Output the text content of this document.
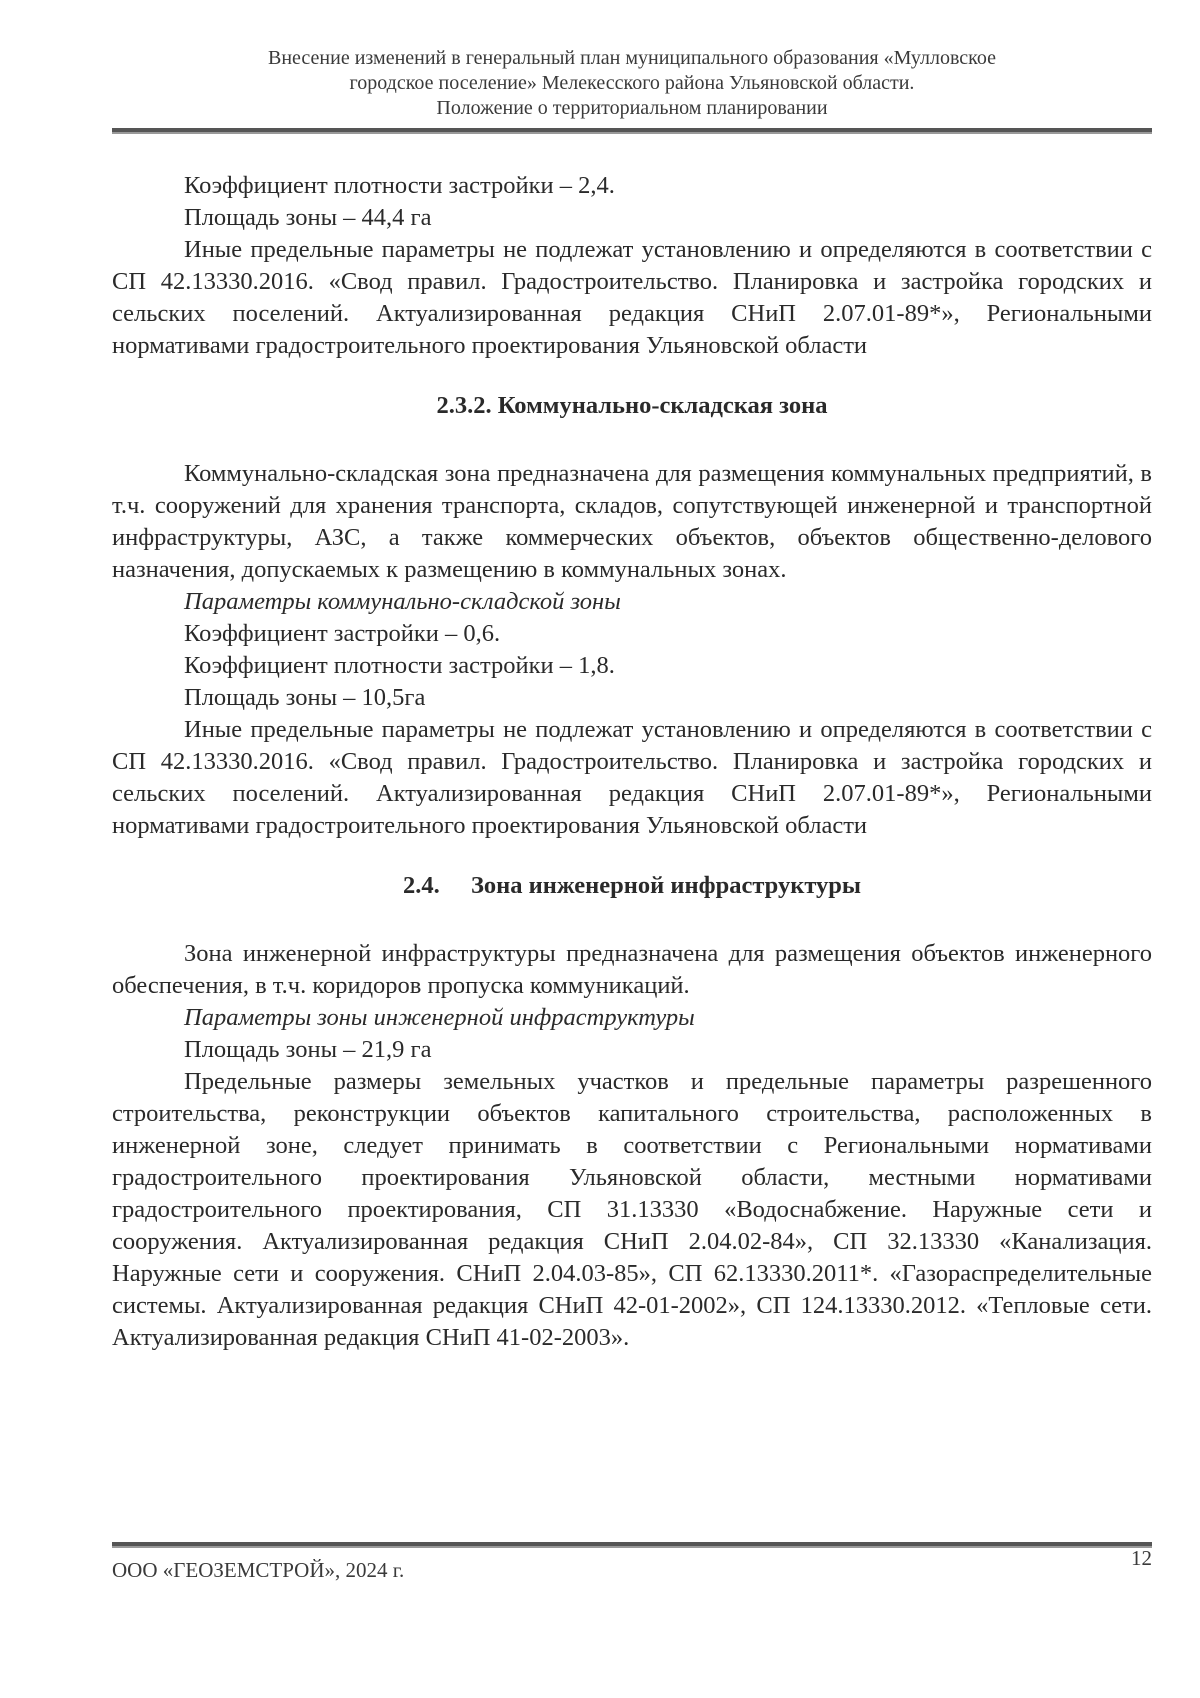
Внесение изменений в генеральный план муниципального образования «Мулловское
городское поселение» Мелекесского района Ульяновской области.
Положение о территориальном планировании

Коэффициент плотности застройки – 2,4.

Площадь зоны – 44,4 га

Иные предельные параметры не подлежат установлению и определяются в соответствии с СП 42.13330.2016. «Свод правил. Градостроительство. Планировка и застройка городских и сельских поселений. Актуализированная редакция СНиП 2.07.01-89*», Региональными нормативами градостроительного проектирования Ульяновской области

2.3.2. Коммунально-складская зона

Коммунально-складская зона предназначена для размещения коммунальных предприятий, в т.ч. сооружений для хранения транспорта, складов, сопутствующей инженерной и транспортной инфраструктуры, АЗС, а также коммерческих объектов, объектов общественно-делового назначения, допускаемых к размещению в коммунальных зонах.

Параметры коммунально-складской зоны

Коэффициент застройки – 0,6.

Коэффициент плотности застройки – 1,8.

Площадь зоны – 10,5га

Иные предельные параметры не подлежат установлению и определяются в соответствии с СП 42.13330.2016. «Свод правил. Градостроительство. Планировка и застройка городских и сельских поселений. Актуализированная редакция СНиП 2.07.01-89*», Региональными нормативами градостроительного проектирования Ульяновской области

2.4. Зона инженерной инфраструктуры

Зона инженерной инфраструктуры предназначена для размещения объектов инженерного обеспечения, в т.ч. коридоров пропуска коммуникаций.

Параметры зоны инженерной инфраструктуры

Площадь зоны – 21,9 га

Предельные размеры земельных участков и предельные параметры разрешенного строительства, реконструкции объектов капитального строительства, расположенных в инженерной зоне, следует принимать в соответствии с Региональными нормативами градостроительного проектирования Ульяновской области, местными нормативами градостроительного проектирования, СП 31.13330 «Водоснабжение. Наружные сети и сооружения. Актуализированная редакция СНиП 2.04.02-84», СП 32.13330 «Канализация. Наружные сети и сооружения. СНиП 2.04.03-85», СП 62.13330.2011*. «Газораспределительные системы. Актуализированная редакция СНиП 42-01-2002», СП 124.13330.2012. «Тепловые сети. Актуализированная редакция СНиП 41-02-2003».

ООО «ГЕОЗЕМСТРОЙ», 2024 г.	12
